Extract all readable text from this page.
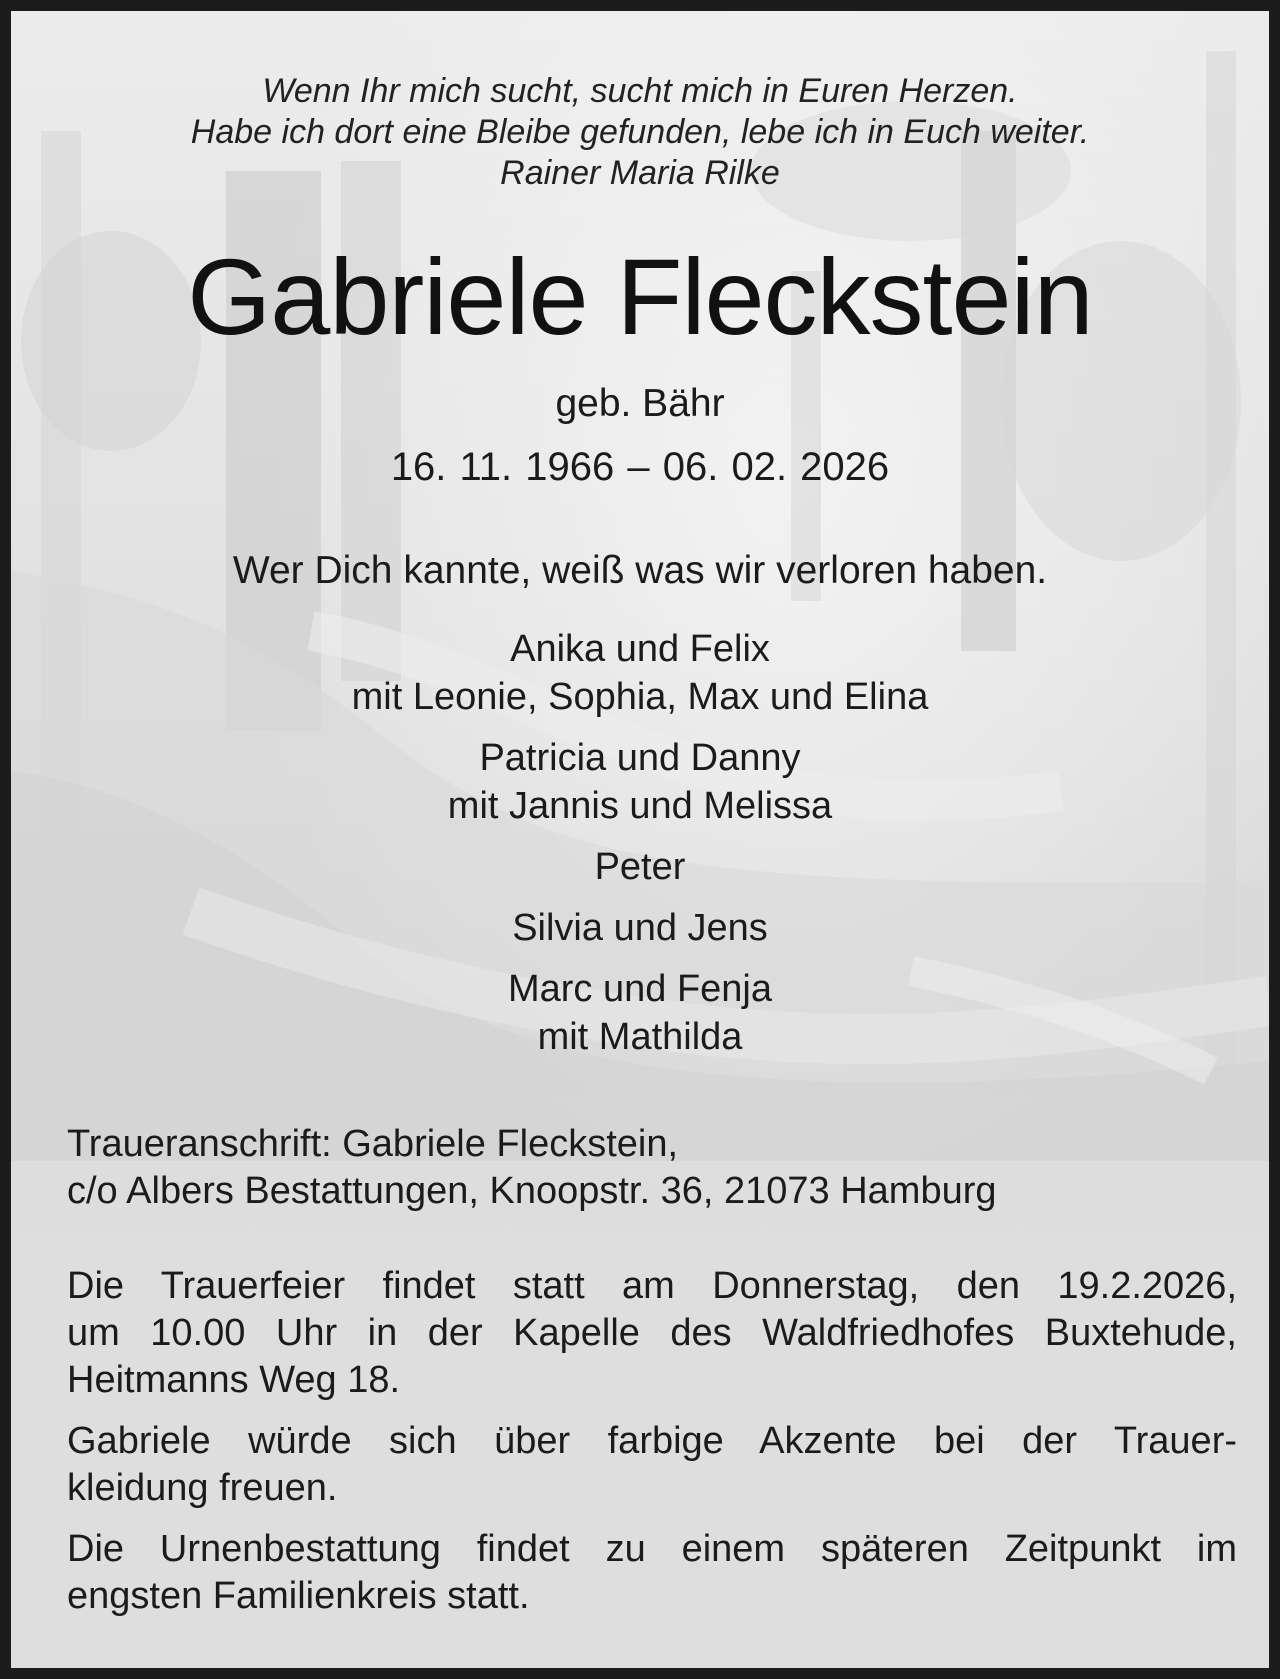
Wenn Ihr mich sucht, sucht mich in Euren Herzen.
Habe ich dort eine Bleibe gefunden, lebe ich in Euch weiter.
Rainer Maria Rilke
Gabriele Fleckstein
geb. Bähr
16. 11. 1966 – 06. 02. 2026
Wer Dich kannte, weiß was wir verloren haben.
Anika und Felix
mit Leonie, Sophia, Max und Elina
Patricia und Danny
mit Jannis und Melissa
Peter
Silvia und Jens
Marc und Fenja
mit Mathilda
Traueranschrift: Gabriele Fleckstein,
c/o Albers Bestattungen, Knoopstr. 36, 21073 Hamburg

Die Trauerfeier findet statt am Donnerstag, den 19.2.2026,
um 10.00 Uhr in der Kapelle des Waldfriedhofes Buxtehude,
Heitmanns Weg 18.

Gabriele würde sich über farbige Akzente bei der Trauer-
kleidung freuen.

Die Urnenbestattung findet zu einem späteren Zeitpunkt im
engsten Familienkreis statt.
